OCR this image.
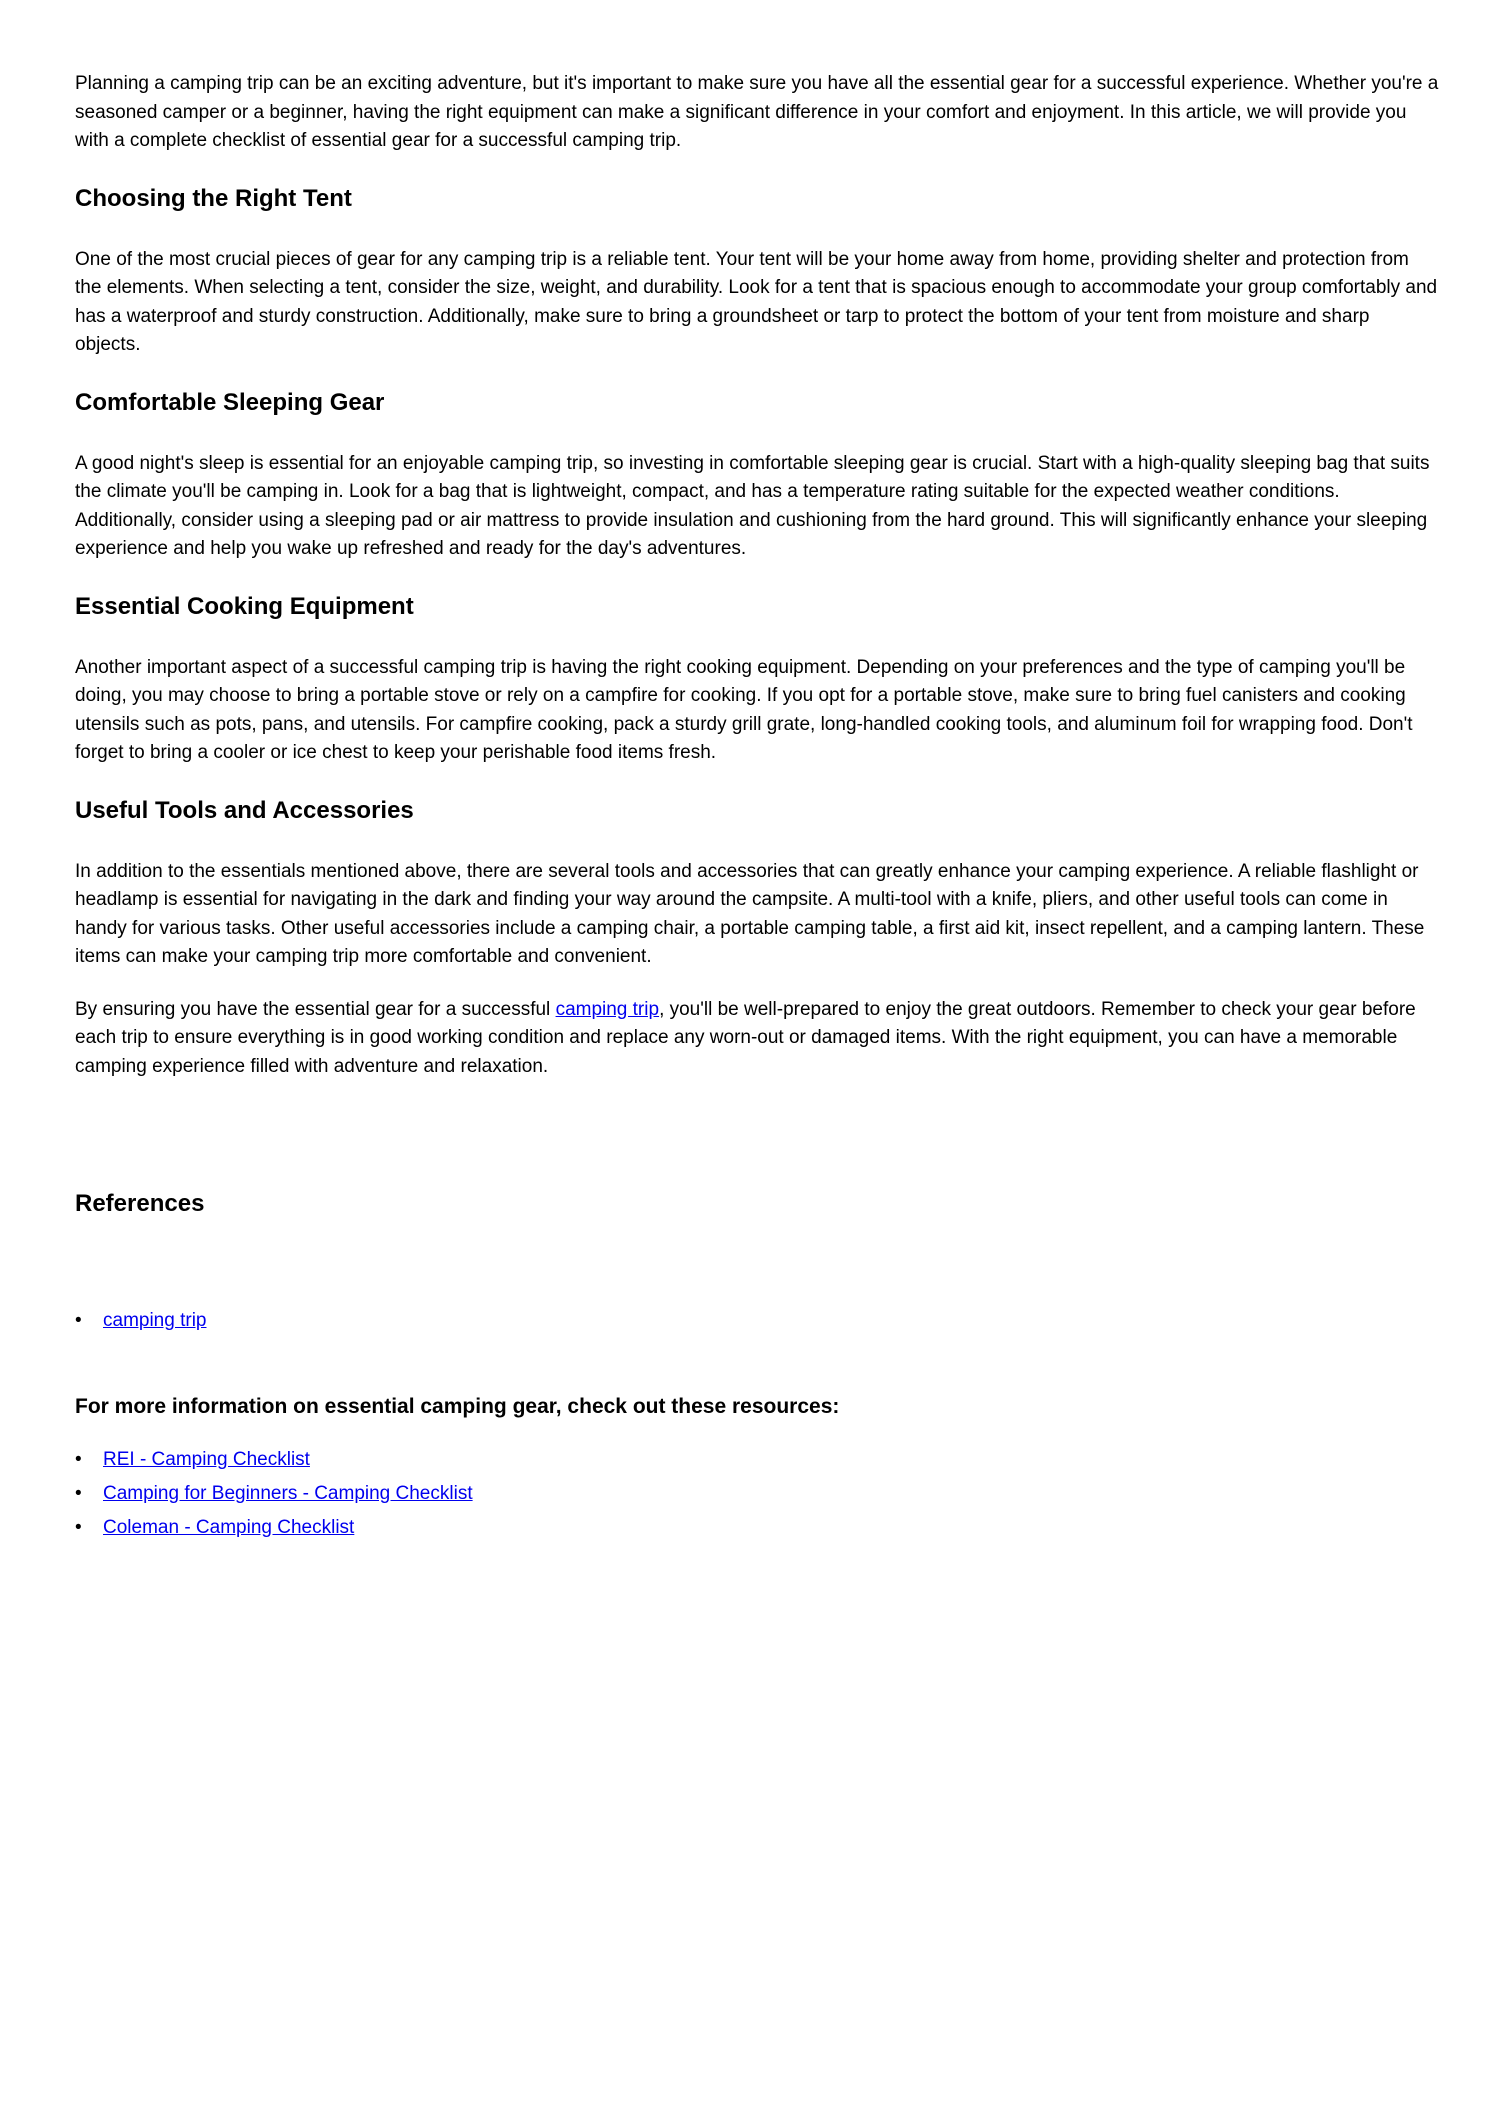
Planning a camping trip can be an exciting adventure, but it's important to make sure you have all the essential gear for a successful experience. Whether you're a seasoned camper or a beginner, having the right equipment can make a significant difference in your comfort and enjoyment. In this article, we will provide you with a complete checklist of essential gear for a successful camping trip.

Choosing the Right Tent

One of the most crucial pieces of gear for any camping trip is a reliable tent. Your tent will be your home away from home, providing shelter and protection from the elements. When selecting a tent, consider the size, weight, and durability. Look for a tent that is spacious enough to accommodate your group comfortably and has a waterproof and sturdy construction. Additionally, make sure to bring a groundsheet or tarp to protect the bottom of your tent from moisture and sharp objects.

Comfortable Sleeping Gear

A good night's sleep is essential for an enjoyable camping trip, so investing in comfortable sleeping gear is crucial. Start with a high-quality sleeping bag that suits the climate you'll be camping in. Look for a bag that is lightweight, compact, and has a temperature rating suitable for the expected weather conditions. Additionally, consider using a sleeping pad or air mattress to provide insulation and cushioning from the hard ground. This will significantly enhance your sleeping experience and help you wake up refreshed and ready for the day's adventures.

Essential Cooking Equipment

Another important aspect of a successful camping trip is having the right cooking equipment. Depending on your preferences and the type of camping you'll be doing, you may choose to bring a portable stove or rely on a campfire for cooking. If you opt for a portable stove, make sure to bring fuel canisters and cooking utensils such as pots, pans, and utensils. For campfire cooking, pack a sturdy grill grate, long-handled cooking tools, and aluminum foil for wrapping food. Don't forget to bring a cooler or ice chest to keep your perishable food items fresh.

Useful Tools and Accessories

In addition to the essentials mentioned above, there are several tools and accessories that can greatly enhance your camping experience. A reliable flashlight or headlamp is essential for navigating in the dark and finding your way around the campsite. A multi-tool with a knife, pliers, and other useful tools can come in handy for various tasks. Other useful accessories include a camping chair, a portable camping table, a first aid kit, insect repellent, and a camping lantern. These items can make your camping trip more comfortable and convenient.

By ensuring you have the essential gear for a successful camping trip, you'll be well-prepared to enjoy the great outdoors. Remember to check your gear before each trip to ensure everything is in good working condition and replace any worn-out or damaged items. With the right equipment, you can have a memorable camping experience filled with adventure and relaxation.

References
• camping trip
For more information on essential camping gear, check out these resources:
• REI - Camping Checklist
• Camping for Beginners - Camping Checklist
• Coleman - Camping Checklist
